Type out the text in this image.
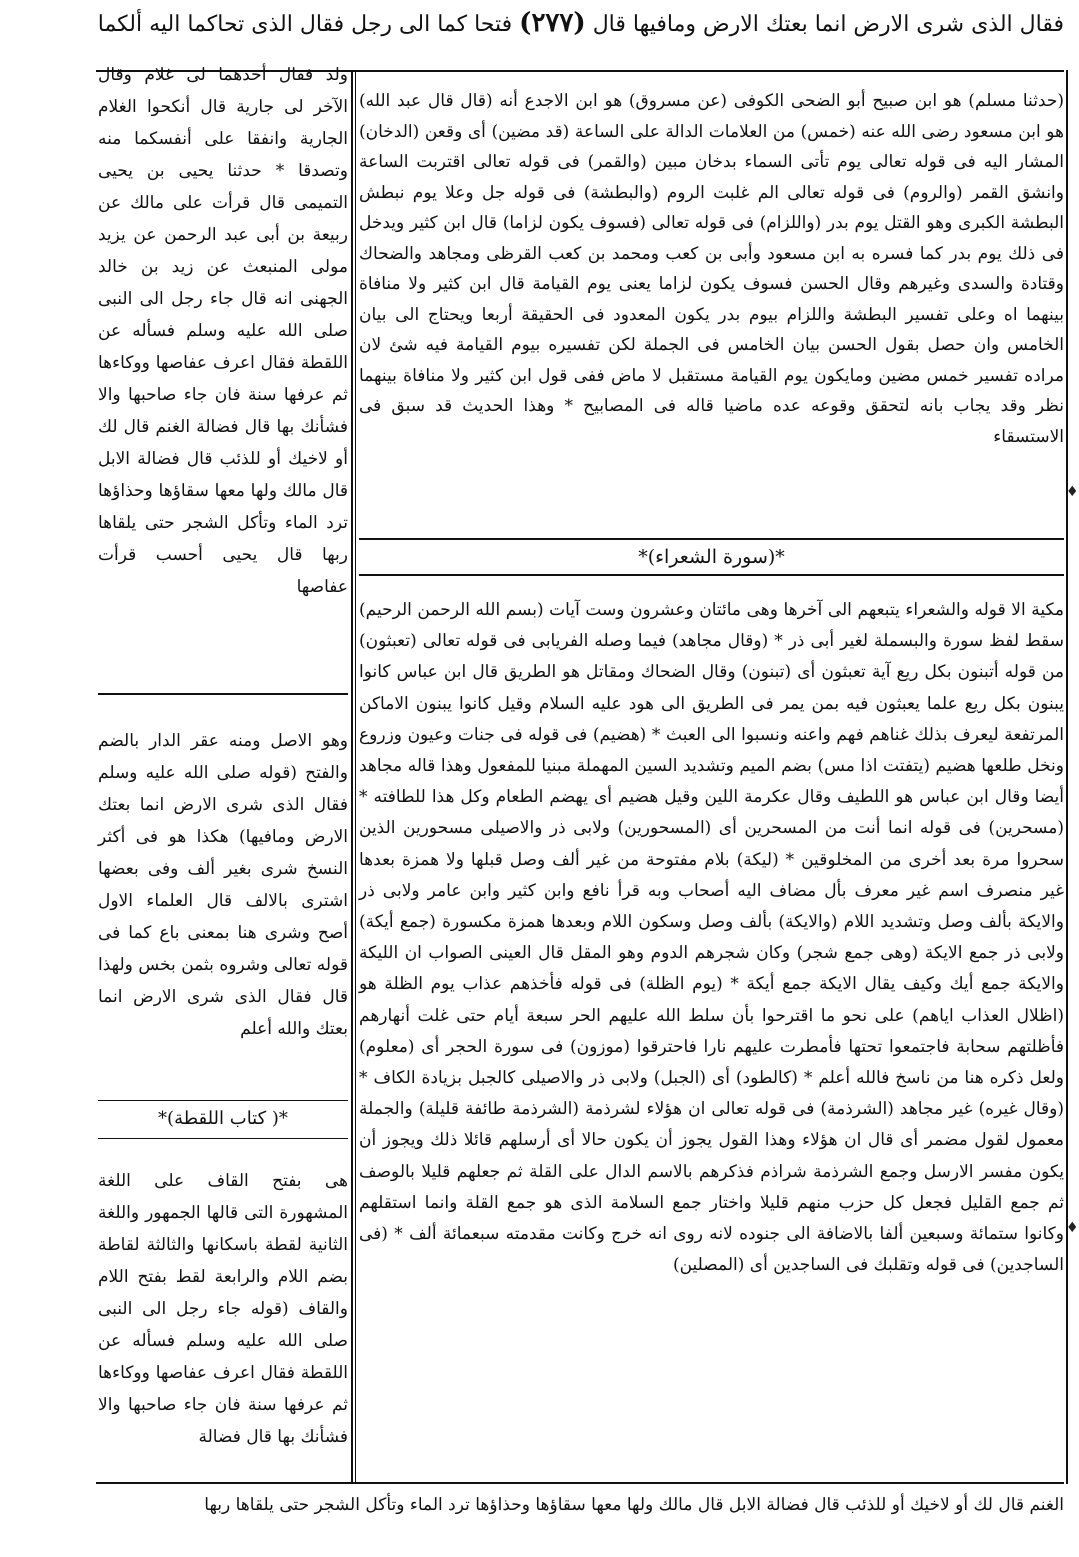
فقال الذى شرى الارض انما بعتك الارض ومافيها قال (٢٧٧) فتحا كما الى رجل فقال الذى تحاكما اليه ألكما

(حدثنا مسلم) هو ابن صبيح أبو الضحى الكوفى (عن مسروق) هو ابن الاجدع أنه (قال قال عبد الله) هو ابن مسعود رضى الله عنه (خمس) من العلامات الدالة على الساعة (قد مضين) أى وقعن (الدخان) المشار اليه فى قوله تعالى يوم تأتى السماء بدخان مبين (والقمر) فى قوله تعالى اقتربت الساعة وانشق القمر (والروم) فى قوله تعالى الم غلبت الروم (والبطشة) فى قوله جل وعلا يوم نبطش البطشة الكبرى وهو القتل يوم بدر (واللزام) فى قوله تعالى (فسوف يكون لزاما) قال ابن كثير ويدخل فى ذلك يوم بدر كما فسره به ابن مسعود وأبى بن كعب ومحمد بن كعب القرظى ومجاهد والضحاك وقتادة والسدى وغيرهم وقال الحسن فسوف يكون لزاما يعنى يوم القيامة قال ابن كثير ولا منافاة بينهما اه وعلى تفسير البطشة واللزام بيوم بدر يكون المعدود فى الحقيقة أربعا ويحتاج الى بيان الخامس وان حصل بقول الحسن بيان الخامس فى الجملة لكن تفسيره بيوم القيامة فيه شئ لان مراده تفسير خمس مضين ومايكون يوم القيامة مستقبل لا ماض ففى قول ابن كثير ولا منافاة بينهما نظر وقد يجاب بانه لتحقق وقوعه عده ماضيا قاله فى المصابيح * وهذا الحديث قد سبق فى الاستسقاء

*(سورة الشعراء)*

مكية الا قوله والشعراء يتبعهم الى آخرها وهى مائتان وعشرون وست آيات (بسم الله الرحمن الرحيم) سقط لفظ سورة والبسملة لغير أبى ذر * (وقال مجاهد) فيما وصله الفريابى فى قوله تعالى (تعبثون) من قوله أتبنون بكل ريع آية تعبثون أى (تبنون) وقال الضحاك ومقاتل هو الطريق قال ابن عباس كانوا يبنون بكل ريع علما يعبثون فيه بمن يمر فى الطريق الى هود عليه السلام وقيل كانوا يبنون الاماكن المرتفعة ليعرف بذلك غناهم فهم واعنه ونسبوا الى العبث * (هضيم) فى قوله فى جنات وعيون وزروع ونخل طلعها هضيم (يتفتت اذا مس) بضم الميم وتشديد السين المهملة مبنيا للمفعول وهذا قاله مجاهد أيضا وقال ابن عباس هو اللطيف وقال عكرمة اللين وقيل هضيم أى يهضم الطعام وكل هذا للطافته * (مسحرين) فى قوله انما أنت من المسحرين أى (المسحورين) ولابى ذر والاصيلى مسحورين الذين سحروا مرة بعد أخرى من المخلوقين * (ليكة) بلام مفتوحة من غير ألف وصل قبلها ولا همزة بعدها غير منصرف اسم غير معرف بأل مضاف اليه أصحاب وبه قرأ نافع وابن كثير وابن عامر ولابى ذر والايكة بألف وصل وتشديد اللام (والايكة) بألف وصل وسكون اللام وبعدها همزة مكسورة (جمع أيكة) ولابى ذر جمع الايكة (وهى جمع شجر) وكان شجرهم الدوم وهو المقل قال العينى الصواب ان الليكة والايكة جمع أيك وكيف يقال الايكة جمع أيكة * (يوم الظلة) فى قوله فأخذهم عذاب يوم الظلة هو (اظلال العذاب اياهم) على نحو ما اقترحوا بأن سلط الله عليهم الحر سبعة أيام حتى غلت أنهارهم فأظلتهم سحابة فاجتمعوا تحتها فأمطرت عليهم نارا فاحترقوا (موزون) فى سورة الحجر أى (معلوم) ولعل ذكره هنا من ناسخ فالله أعلم * (كالطود) أى (الجبل) ولابى ذر والاصيلى كالجبل بزيادة الكاف * (وقال غيره) غير مجاهد (الشرذمة) فى قوله تعالى ان هؤلاء لشرذمة (الشرذمة طائفة قليلة) والجملة معمول لقول مضمر أى قال ان هؤلاء وهذا القول يجوز أن يكون حالا أى أرسلهم قائلا ذلك ويجوز أن يكون مفسر الارسل وجمع الشرذمة شراذم فذكرهم بالاسم الدال على القلة ثم جعلهم قليلا بالوصف ثم جمع القليل فجعل كل حزب منهم قليلا واختار جمع السلامة الذى هو جمع القلة وانما استقلهم وكانوا ستمائة وسبعين ألفا بالاضافة الى جنوده لانه روى انه خرج وكانت مقدمته سبعمائة ألف * (فى الساجدين) فى قوله وتقلبك فى الساجدين أى (المصلين)

ولد فقال أحدهما لى غلام وقال الآخر لى جارية قال أنكحوا الغلام الجارية وانفقا على أنفسكما منه وتصدقا * حدثنا يحيى بن يحيى التميمى قال قرأت على مالك عن ربيعة بن أبى عبد الرحمن عن يزيد مولى المنبعث عن زيد بن خالد الجهنى انه قال جاء رجل الى النبى صلى الله عليه وسلم فسأله عن اللقطة فقال اعرف عفاصها ووكاءها ثم عرفها سنة فان جاء صاحبها والا فشأنك بها قال فضالة الغنم قال لك أو لاخيك أو للذئب قال فضالة الابل قال مالك ولها معها سقاؤها وحذاؤها ترد الماء وتأكل الشجر حتى يلقاها ربها قال يحيى أحسب قرأت عفاصها

وهو الاصل ومنه عقر الدار بالضم والفتح (قوله صلى الله عليه وسلم فقال الذى شرى الارض انما بعتك الارض ومافيها) هكذا هو فى أكثر النسخ شرى بغير ألف وفى بعضها اشترى بالالف قال العلماء الاول أصح وشرى هنا بمعنى باع كما فى قوله تعالى وشروه بثمن بخس ولهذا قال فقال الذى شرى الارض انما بعتك والله أعلم

*( كتاب اللقطة)*

هى بفتح القاف على اللغة المشهورة التى قالها الجمهور واللغة الثانية لقطة باسكانها والثالثة لقاطة بضم اللام والرابعة لقط بفتح اللام والقاف (قوله جاء رجل الى النبى صلى الله عليه وسلم فسأله عن اللقطة فقال اعرف عفاصها ووكاءها ثم عرفها سنة فان جاء صاحبها والا فشأنك بها قال فضالة

♦
♦
الغنم قال لك أو لاخيك أو للذئب قال فضالة الابل قال مالك ولها معها سقاؤها وحذاؤها ترد الماء وتأكل الشجر حتى يلقاها ربها
